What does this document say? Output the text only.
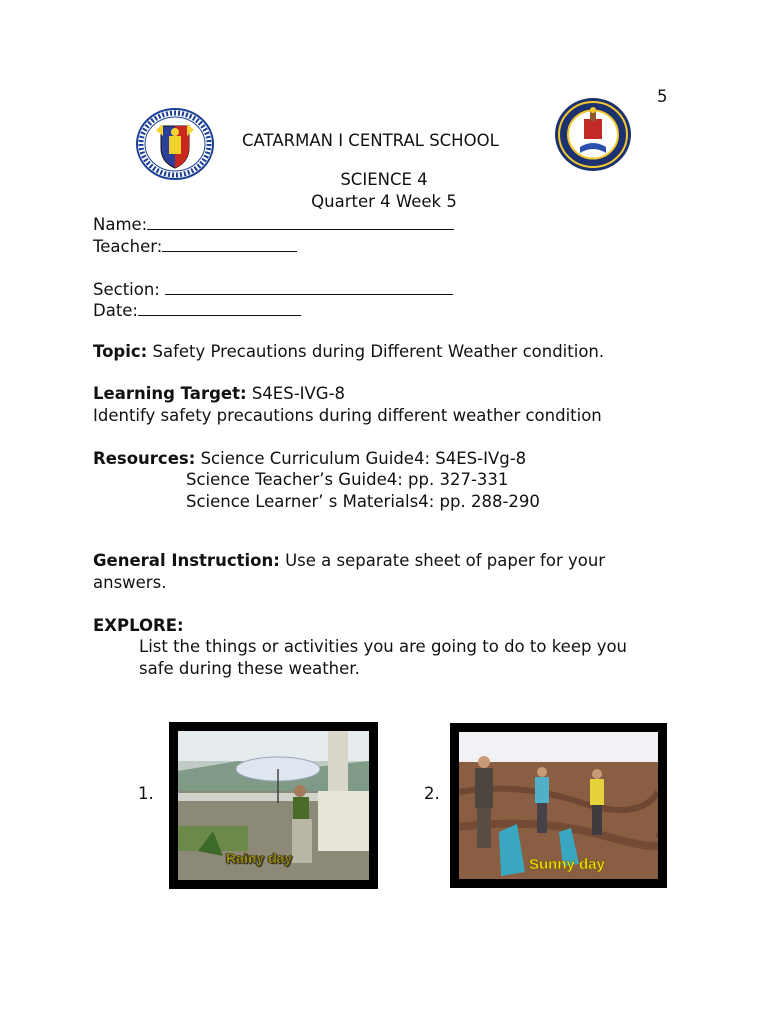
5
CATARMAN I CENTRAL SCHOOL
SCIENCE 4
Quarter 4 Week 5
Name:
Teacher:
Section:
Date:
Topic: Safety Precautions during Different Weather condition.
Learning Target: S4ES-IVG-8
Identify safety precautions during different weather condition
Resources: Science Curriculum Guide4: S4ES-IVg-8
Science Teacher’s Guide4: pp. 327-331
Science Learner’ s Materials4: pp. 288-290
General Instruction: Use a separate sheet of paper for your
answers.
EXPLORE:
List the things or activities you are going to do to keep you
safe during these weather.
1.
Rainy day
2.
Sunny day
